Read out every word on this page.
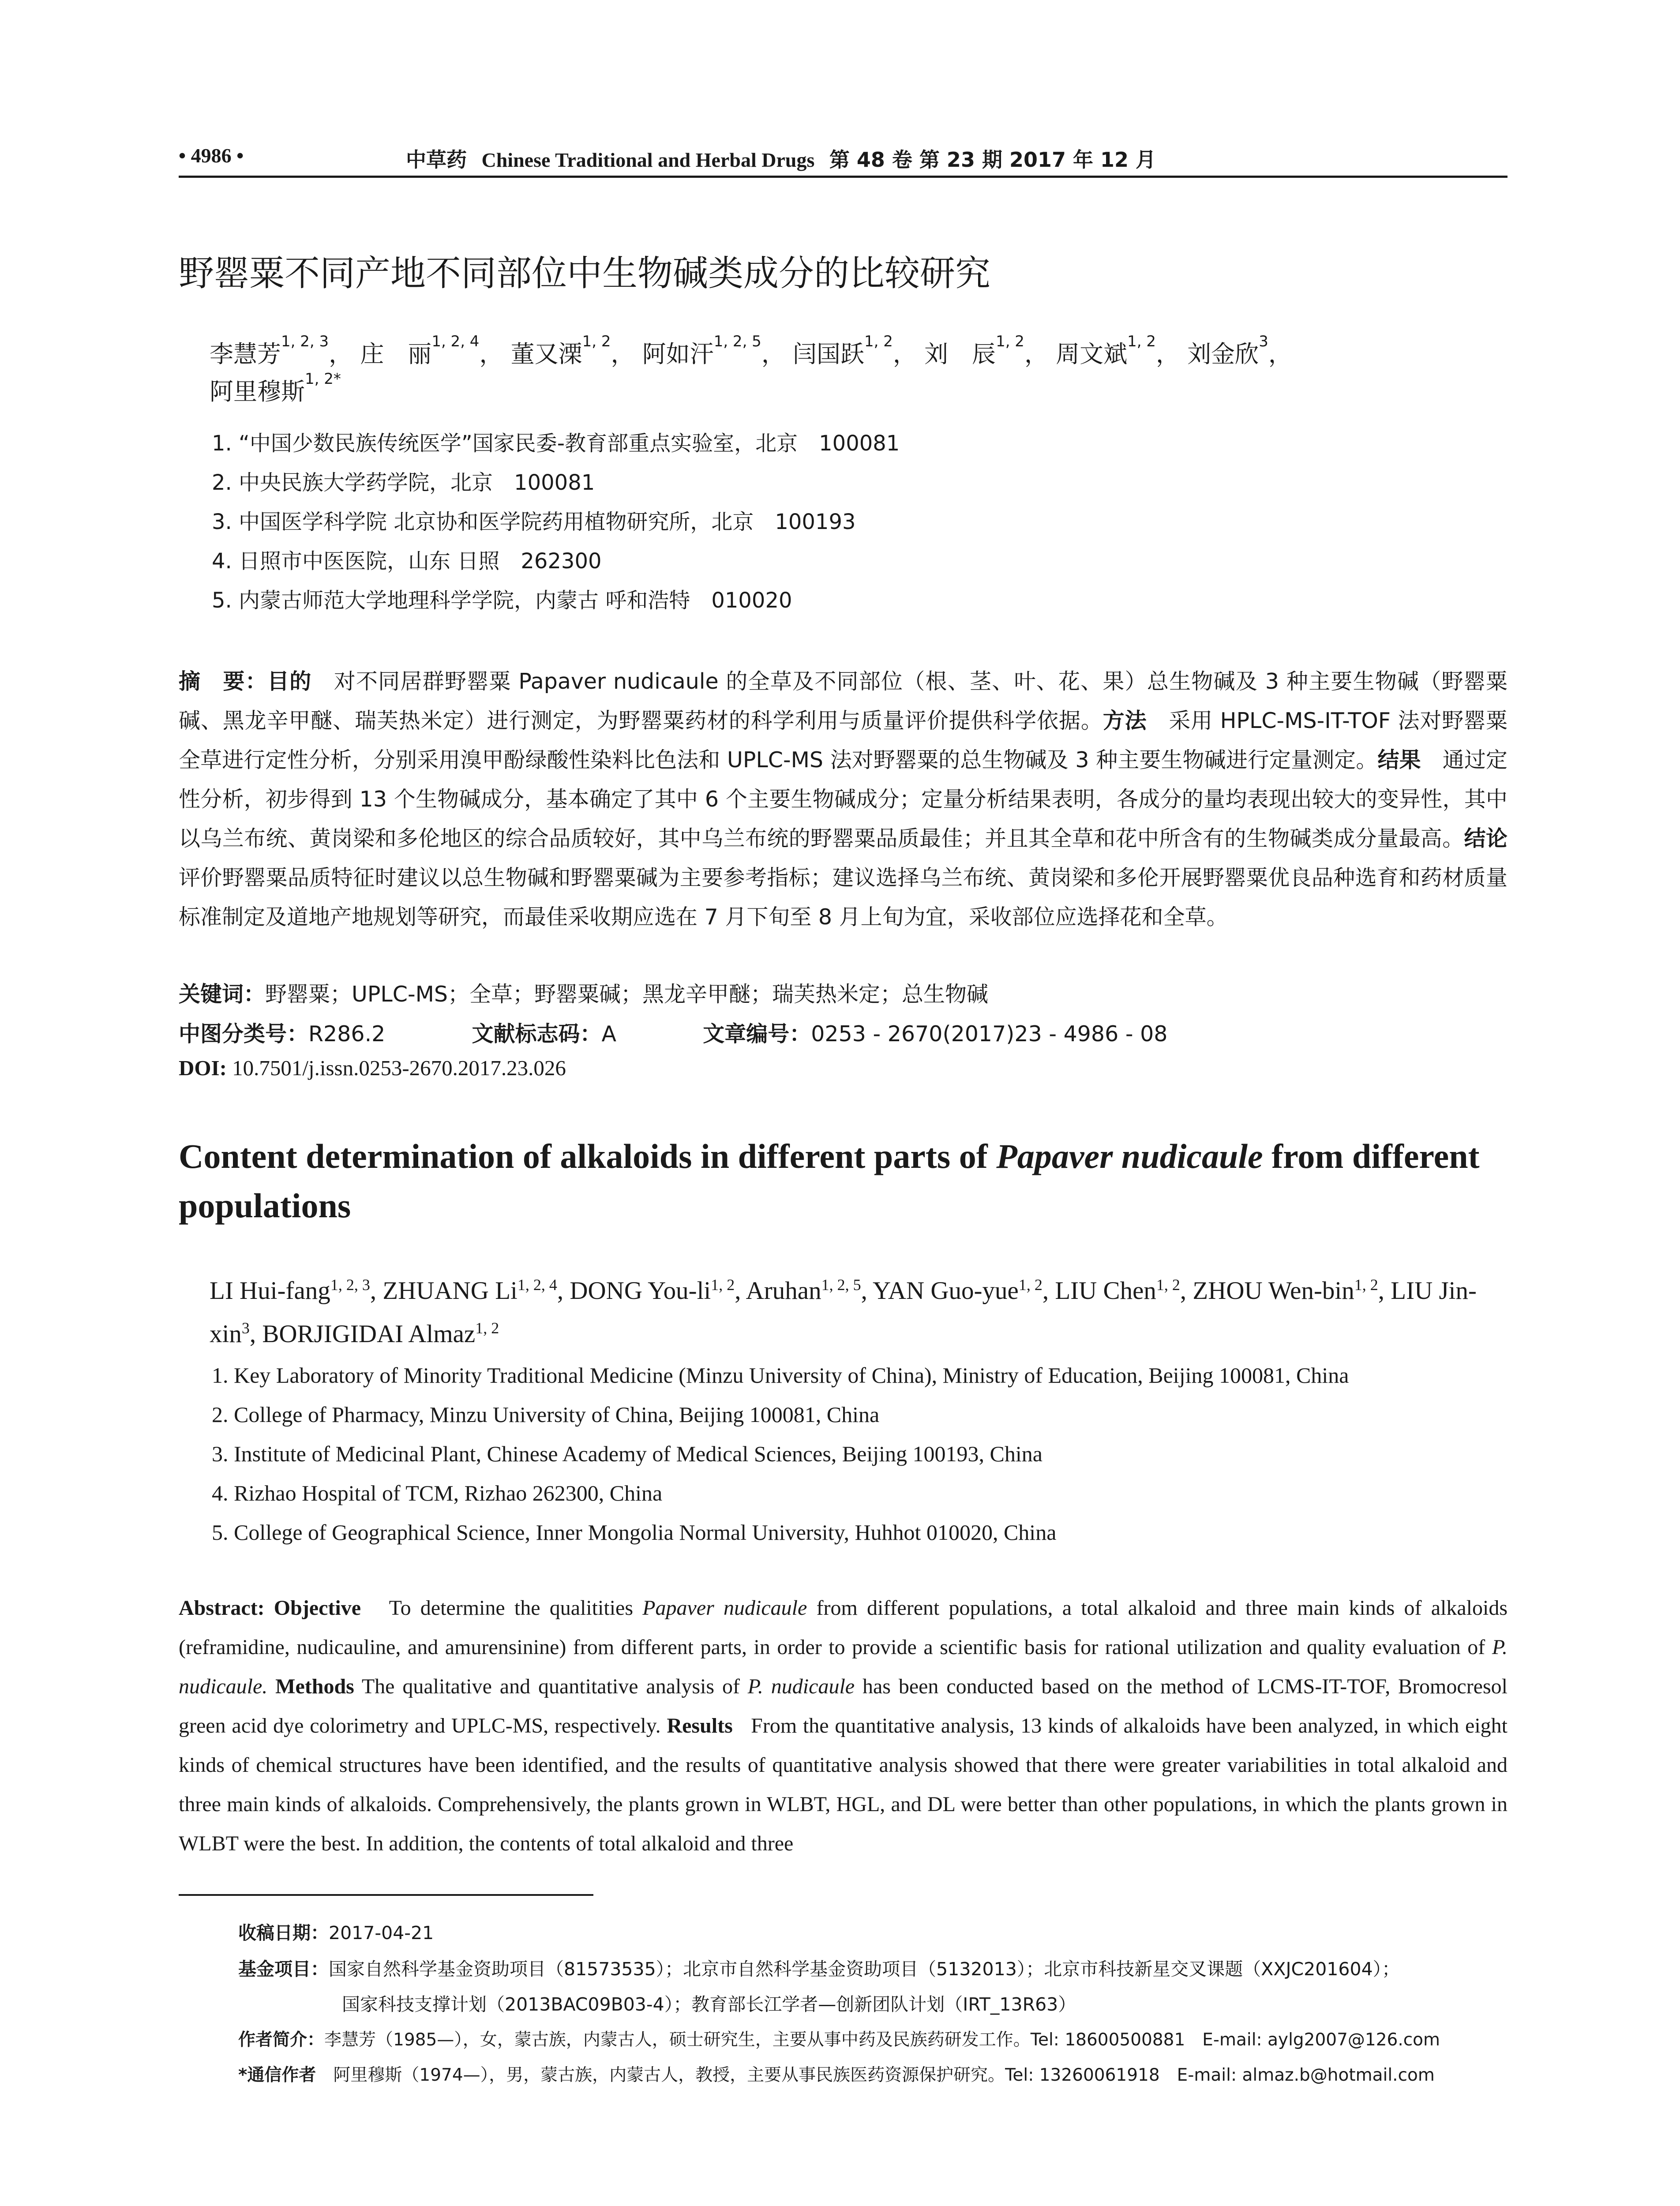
• 4986 •	中草药 Chinese Traditional and Herbal Drugs 第 48 卷 第 23 期 2017 年 12 月
野罂粟不同产地不同部位中生物碱类成分的比较研究
李慧芳$^{1, 2, 3}$， 庄　丽$^{1, 2, 4}$， 董又溧$^{1, 2}$， 阿如汗$^{1, 2, 5}$， 闫国跃$^{1, 2}$， 刘　辰$^{1, 2}$， 周文斌$^{1, 2}$， 刘金欣$^3$，
阿里穆斯$^{1, 2*}$
1. “中国少数民族传统医学”国家民委-教育部重点实验室，北京　100081
2. 中央民族大学药学院，北京　100081
3. 中国医学科学院 北京协和医学院药用植物研究所，北京　100193
4. 日照市中医医院，山东 日照　262300
5. 内蒙古师范大学地理科学学院，内蒙古 呼和浩特　010020

摘　要：目的　 对不同居群野罂粟 Papaver nudicaule 的全草及不同部位（根、茎、叶、花、果）总生物碱及 3 种主要生物碱（野罂粟碱、黑龙辛甲醚、瑞芙热米定）进行测定，为野罂粟药材的科学利用与质量评价提供科学依据。方法　 采用 HPLC-MS-IT-TOF 法对野罂粟全草进行定性分析，分别采用溴甲酚绿酸性染料比色法和 UPLC-MS 法对野罂粟的总生物碱及 3 种主要生物碱进行定量测定。结果　 通过定性分析，初步得到 13 个生物碱成分，基本确定了其中 6 个主要生物碱成分；定量分析结果表明，各成分的量均表现出较大的变异性，其中以乌兰布统、黄岗梁和多伦地区的综合品质较好，其中乌兰布统的野罂粟品质最佳；并且其全草和花中所含有的生物碱类成分量最高。结论　评价野罂粟品质特征时建议以总生物碱和野罂粟碱为主要参考指标；建议选择乌兰布统、黄岗梁和多伦开展野罂粟优良品种选育和药材质量标准制定及道地产地规划等研究，而最佳采收期应选在 7 月下旬至 8 月上旬为宜，采收部位应选择花和全草。

关键词：野罂粟；UPLC-MS；全草；野罂粟碱；黑龙辛甲醚；瑞芙热米定；总生物碱
中图分类号：R286.2	文献标志码：A	文章编号：0253 - 2670(2017)23 - 4986 - 08
DOI: 10.7501/j.issn.0253-2670.2017.23.026
Content determination of alkaloids in different parts of Papaver nudicaule from different populations
LI Hui-fang$^{1, 2, 3}$, ZHUANG Li$^{1, 2, 4}$, DONG You-li$^{1, 2}$, Aruhan$^{1, 2, 5}$, YAN Guo-yue$^{1, 2}$, LIU Chen$^{1, 2}$, ZHOU Wen-bin$^{1, 2}$, LIU Jin-xin$^3$, BORJIGIDAI Almaz$^{1, 2}$
1. Key Laboratory of Minority Traditional Medicine (Minzu University of China), Ministry of Education, Beijing 100081, China
2. College of Pharmacy, Minzu University of China, Beijing 100081, China
3. Institute of Medicinal Plant, Chinese Academy of Medical Sciences, Beijing 100193, China
4. Rizhao Hospital of TCM, Rizhao 262300, China
5. College of Geographical Science, Inner Mongolia Normal University, Huhhot 010020, China

Abstract: Objective To determine the qualitities Papaver nudicaule from different populations, a total alkaloid and three main kinds of alkaloids (reframidine, nudicauline, and amurensinine) from different parts, in order to provide a scientific basis for rational utilization and quality evaluation of P. nudicaule. Methods The qualitative and quantitative analysis of P. nudicaule has been conducted based on the method of LCMS-IT-TOF, Bromocresol green acid dye colorimetry and UPLC-MS, respectively. Results From the quantitative analysis, 13 kinds of alkaloids have been analyzed, in which eight kinds of chemical structures have been identified, and the results of quantitative analysis showed that there were greater variabilities in total alkaloid and three main kinds of alkaloids. Comprehensively, the plants grown in WLBT, HGL, and DL were better than other populations, in which the plants grown in WLBT were the best. In addition, the contents of total alkaloid and three

收稿日期：2017-04-21
基金项目：国家自然科学基金资助项目（81573535）；北京市自然科学基金资助项目（5132013）；北京市科技新星交叉课题（XXJC201604）；
国家科技支撑计划（2013BAC09B03-4）；教育部长江学者—创新团队计划（IRT_13R63）
作者简介：李慧芳（1985—），女，蒙古族，内蒙古人，硕士研究生，主要从事中药及民族药研发工作。Tel: 18600500881　E-mail: aylg2007@126.com
*通信作者　 阿里穆斯（1974—），男，蒙古族，内蒙古人，教授，主要从事民族医药资源保护研究。Tel: 13260061918　E-mail: almaz.b@hotmail.com
